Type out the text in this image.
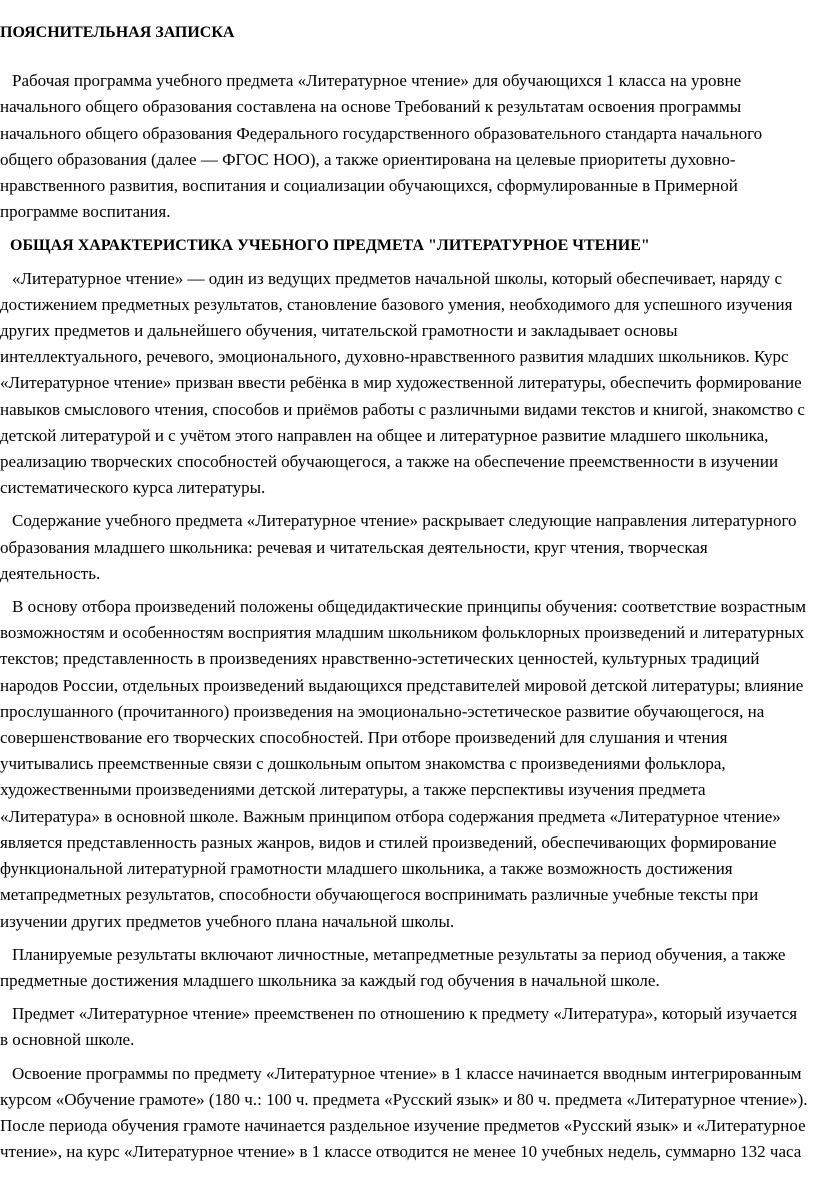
ПОЯСНИТЕЛЬНАЯ ЗАПИСКА

Рабочая программа учебного предмета «Литературное чтение» для обучающихся 1 класса на уровне начального общего образования составлена на основе Требований к результатам освоения программы начального общего образования Федерального государственного образовательного стандарта начального общего образования (далее — ФГОС НОО), а также ориентирована на целевые приоритеты духовно-нравственного развития, воспитания и социализации обучающихся, сформулированные в Примерной программе воспитания.

ОБЩАЯ ХАРАКТЕРИСТИКА УЧЕБНОГО ПРЕДМЕТА "ЛИТЕРАТУРНОЕ ЧТЕНИЕ"

«Литературное чтение» — один из ведущих предметов начальной школы, который обеспечивает, наряду с достижением предметных результатов, становление базового умения, необходимого для успешного изучения других предметов и дальнейшего обучения, читательской грамотности и закладывает основы интеллектуального, речевого, эмоционального, духовно-нравственного развития младших школьников. Курс «Литературное чтение» призван ввести ребёнка в мир художественной литературы, обеспечить формирование навыков смыслового чтения, способов и приёмов работы с различными видами текстов и книгой, знакомство с детской литературой и с учётом этого направлен на общее и литературное развитие младшего школьника, реализацию творческих способностей обучающегося, а также на обеспечение преемственности в изучении систематического курса литературы.

Содержание учебного предмета «Литературное чтение» раскрывает следующие направления литературного образования младшего школьника: речевая и читательская деятельности, круг чтения, творческая деятельность.

В основу отбора произведений положены общедидактические принципы обучения: соответствие возрастным возможностям и особенностям восприятия младшим школьником фольклорных произведений и литературных текстов; представленность в произведениях нравственно-эстетических ценностей, культурных традиций народов России, отдельных произведений выдающихся представителей мировой детской литературы; влияние прослушанного (прочитанного) произведения на эмоционально-эстетическое развитие обучающегося, на совершенствование его творческих способностей. При отборе произведений для слушания и чтения учитывались преемственные связи с дошкольным опытом знакомства с произведениями фольклора, художественными произведениями детской литературы, а также перспективы изучения предмета «Литература» в основной школе. Важным принципом отбора содержания предмета «Литературное чтение» является представленность разных жанров, видов и стилей произведений, обеспечивающих формирование функциональной литературной грамотности младшего школьника, а также возможность достижения метапредметных результатов, способности обучающегося воспринимать различные учебные тексты при изучении других предметов учебного плана начальной школы.

Планируемые результаты включают личностные, метапредметные результаты за период обучения, а также предметные достижения младшего школьника за каждый год обучения в начальной школе.

Предмет «Литературное чтение» преемственен по отношению к предмету «Литература», который изучается в основной школе.

Освоение программы по предмету «Литературное чтение» в 1 классе начинается вводным интегрированным курсом «Обучение грамоте» (180 ч.: 100 ч. предмета «Русский язык» и 80 ч. предмета «Литературное чтение»). После периода обучения грамоте начинается раздельное изучение предметов «Русский язык» и «Литературное чтение», на курс «Литературное чтение» в 1 классе отводится не менее 10 учебных недель, суммарно 132 часа
